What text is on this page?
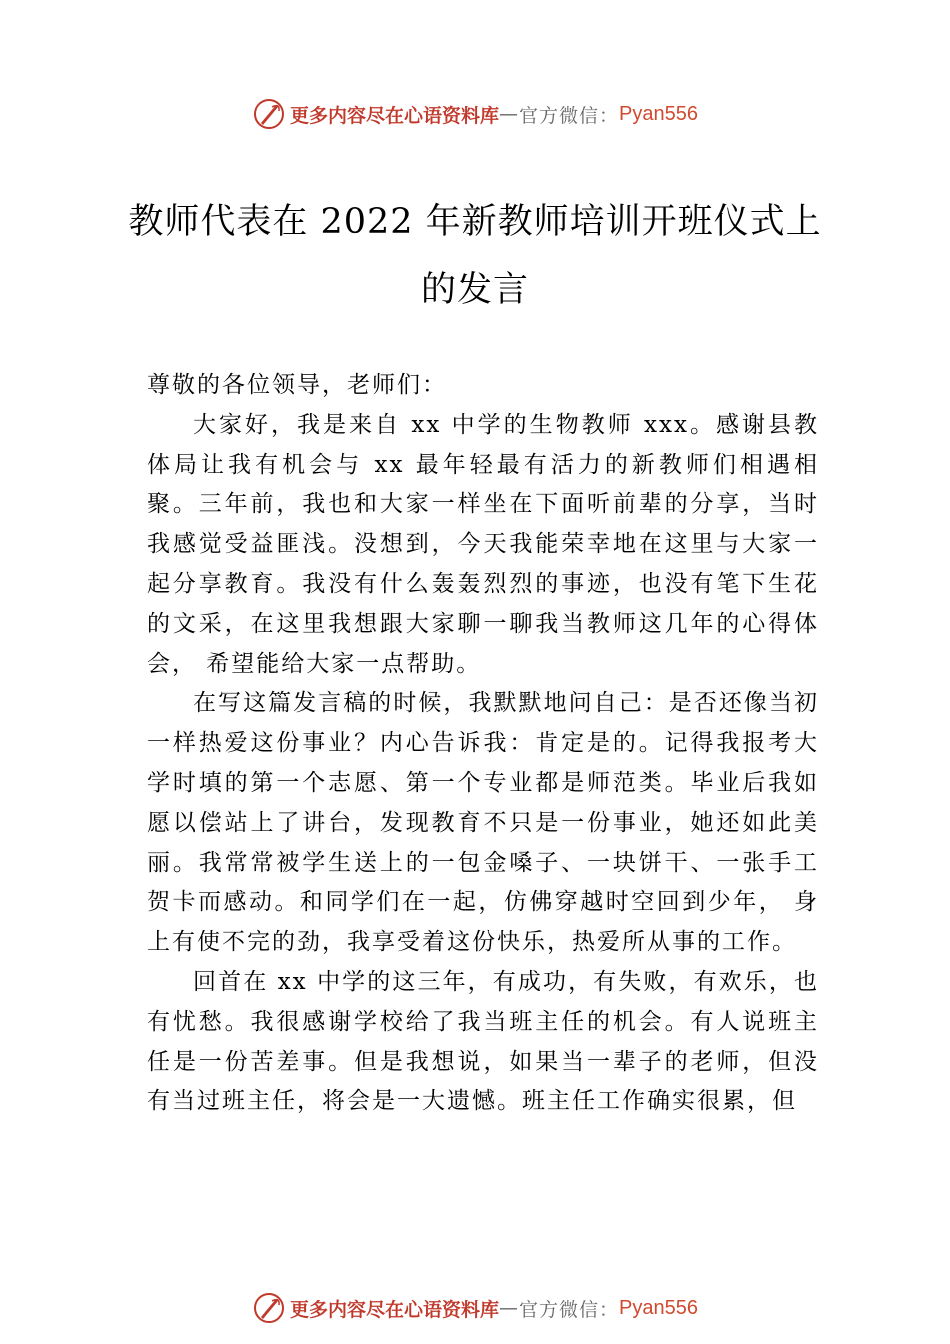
更多内容尽在心语资料库 — 官方微信： Pyan556
教师代表在 2022 年新教师培训开班仪式上的发言

尊敬的各位领导，老师们：

大家好，我是来自 xx 中学的生物教师 xxx。感谢县教体局让我有机会与 xx 最年轻最有活力的新教师们相遇相聚。三年前，我也和大家一样坐在下面听前辈的分享，当时我感觉受益匪浅。没想到，今天我能荣幸地在这里与大家一起分享教育。我没有什么轰轰烈烈的事迹，也没有笔下生花的文采，在这里我想跟大家聊一聊我当教师这几年的心得体会， 希望能给大家一点帮助。

在写这篇发言稿的时候，我默默地问自己：是否还像当初一样热爱这份事业？内心告诉我：肯定是的。记得我报考大学时填的第一个志愿、第一个专业都是师范类。毕业后我如愿以偿站上了讲台，发现教育不只是一份事业，她还如此美丽。我常常被学生送上的一包金嗓子、一块饼干、一张手工贺卡而感动。和同学们在一起，仿佛穿越时空回到少年， 身上有使不完的劲，我享受着这份快乐，热爱所从事的工作。

回首在 xx 中学的这三年，有成功，有失败，有欢乐，也有忧愁。我很感谢学校给了我当班主任的机会。有人说班主任是一份苦差事。但是我想说，如果当一辈子的老师，但没有当过班主任，将会是一大遗憾。班主任工作确实很累，但

更多内容尽在心语资料库 — 官方微信： Pyan556
